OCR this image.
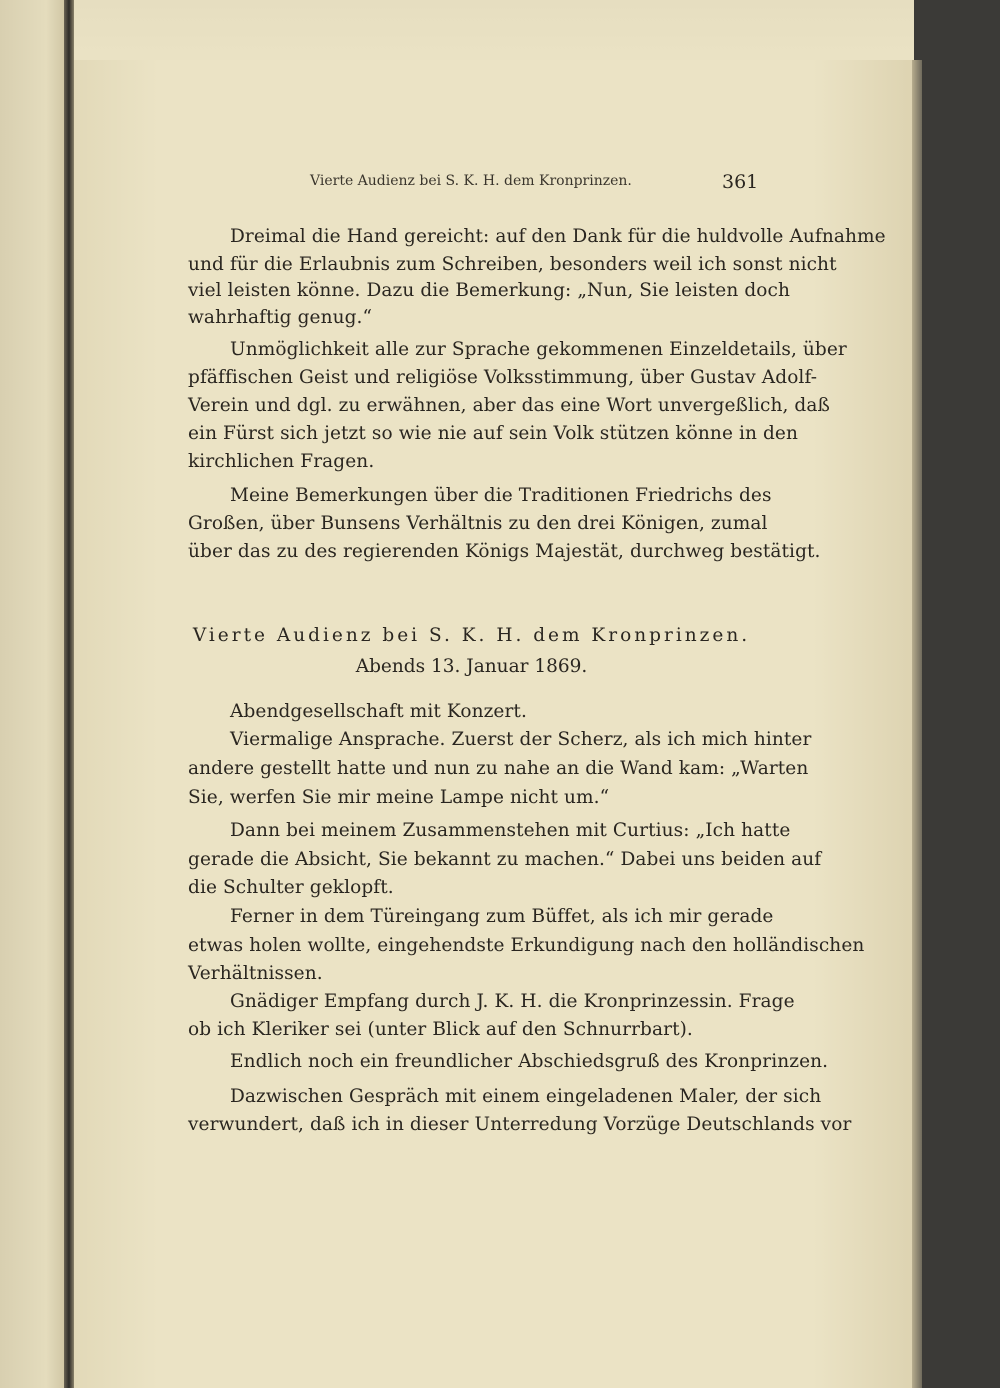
Vierte Audienz bei S. K. H. dem Kronprinzen.	361
Vierte Audienz bei S. K. H. dem Kronprinzen.
Abends 13. Januar 1869.
Dreimal die Hand gereicht: auf den Dank für die huldvolle Aufnahme
und für die Erlaubnis zum Schreiben, besonders weil ich sonst nicht
viel leisten könne. Dazu die Bemerkung: „Nun, Sie leisten doch
wahrhaftig genug.“
Unmöglichkeit alle zur Sprache gekommenen Einzeldetails, über
pfäffischen Geist und religiöse Volksstimmung, über Gustav Adolf-
Verein und dgl. zu erwähnen, aber das eine Wort unvergeßlich, daß
ein Fürst sich jetzt so wie nie auf sein Volk stützen könne in den
kirchlichen Fragen.
Meine Bemerkungen über die Traditionen Friedrichs des
Großen, über Bunsens Verhältnis zu den drei Königen, zumal
über das zu des regierenden Königs Majestät, durchweg bestätigt.
Abendgesellschaft mit Konzert.
Viermalige Ansprache. Zuerst der Scherz, als ich mich hinter
andere gestellt hatte und nun zu nahe an die Wand kam: „Warten
Sie, werfen Sie mir meine Lampe nicht um.“
Dann bei meinem Zusammenstehen mit Curtius: „Ich hatte
gerade die Absicht, Sie bekannt zu machen.“ Dabei uns beiden auf
die Schulter geklopft.
Ferner in dem Türeingang zum Büffet, als ich mir gerade
etwas holen wollte, eingehendste Erkundigung nach den holländischen
Verhältnissen.
Gnädiger Empfang durch J. K. H. die Kronprinzessin. Frage
ob ich Kleriker sei (unter Blick auf den Schnurrbart).
Endlich noch ein freundlicher Abschiedsgruß des Kronprinzen.
Dazwischen Gespräch mit einem eingeladenen Maler, der sich
verwundert, daß ich in dieser Unterredung Vorzüge Deutschlands vor
